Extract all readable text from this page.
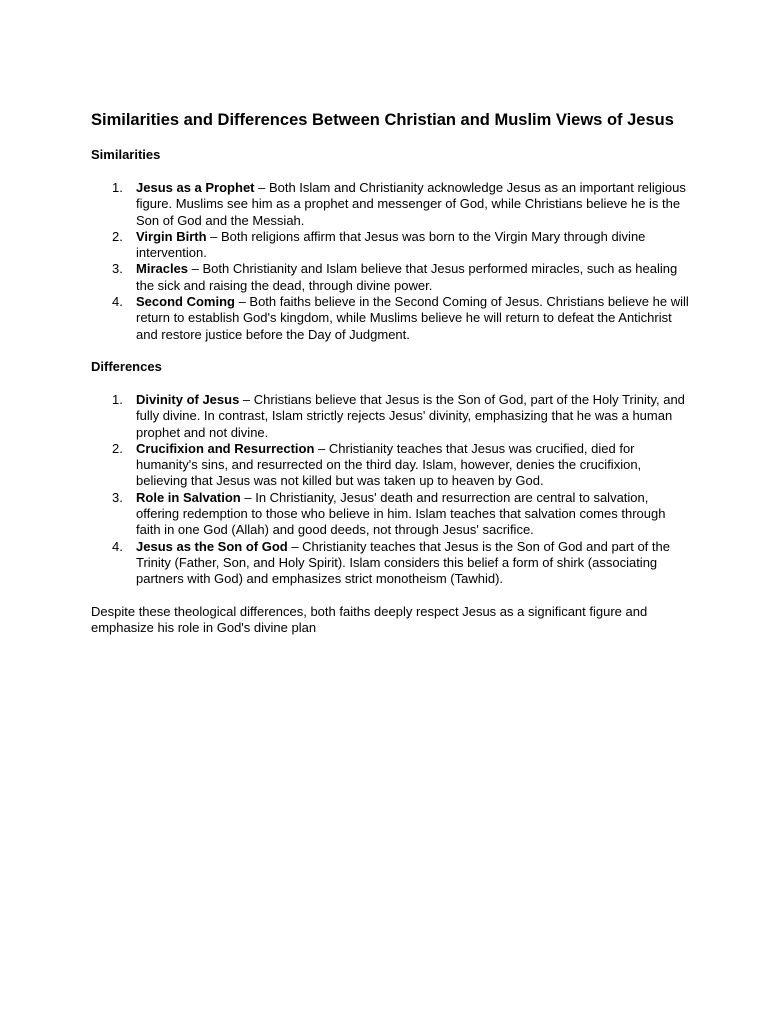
Similarities and Differences Between Christian and Muslim Views of Jesus
Similarities
1. Jesus as a Prophet – Both Islam and Christianity acknowledge Jesus as an important religious figure. Muslims see him as a prophet and messenger of God, while Christians believe he is the Son of God and the Messiah.
2. Virgin Birth – Both religions affirm that Jesus was born to the Virgin Mary through divine intervention.
3. Miracles – Both Christianity and Islam believe that Jesus performed miracles, such as healing the sick and raising the dead, through divine power.
4. Second Coming – Both faiths believe in the Second Coming of Jesus. Christians believe he will return to establish God's kingdom, while Muslims believe he will return to defeat the Antichrist and restore justice before the Day of Judgment.
Differences
1. Divinity of Jesus – Christians believe that Jesus is the Son of God, part of the Holy Trinity, and fully divine. In contrast, Islam strictly rejects Jesus' divinity, emphasizing that he was a human prophet and not divine.
2. Crucifixion and Resurrection – Christianity teaches that Jesus was crucified, died for humanity's sins, and resurrected on the third day. Islam, however, denies the crucifixion, believing that Jesus was not killed but was taken up to heaven by God.
3. Role in Salvation – In Christianity, Jesus' death and resurrection are central to salvation, offering redemption to those who believe in him. Islam teaches that salvation comes through faith in one God (Allah) and good deeds, not through Jesus' sacrifice.
4. Jesus as the Son of God – Christianity teaches that Jesus is the Son of God and part of the Trinity (Father, Son, and Holy Spirit). Islam considers this belief a form of shirk (associating partners with God) and emphasizes strict monotheism (Tawhid).

Despite these theological differences, both faiths deeply respect Jesus as a significant figure and emphasize his role in God's divine plan
